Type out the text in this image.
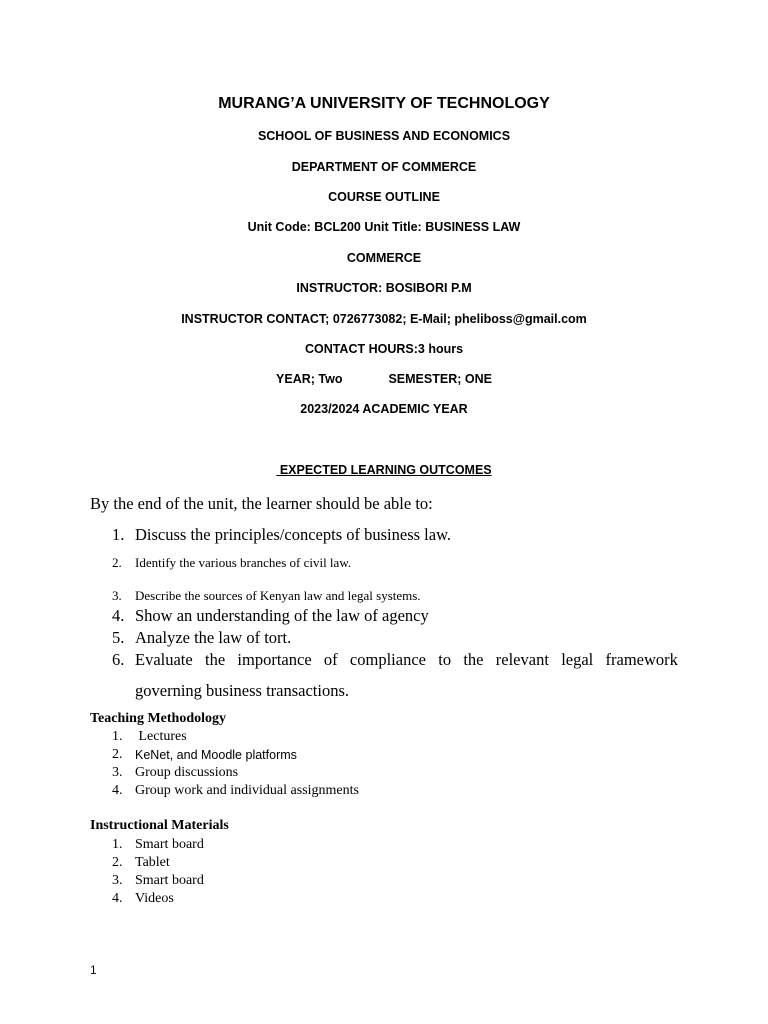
MURANG’A UNIVERSITY OF TECHNOLOGY
SCHOOL OF BUSINESS AND ECONOMICS
DEPARTMENT OF COMMERCE
COURSE OUTLINE
Unit Code: BCL200 Unit Title: BUSINESS LAW
COMMERCE
INSTRUCTOR: BOSIBORI P.M
INSTRUCTOR CONTACT; 0726773082; E-Mail; pheliboss@gmail.com
CONTACT HOURS:3 hours
YEAR; Two	SEMESTER; ONE
2023/2024 ACADEMIC YEAR
EXPECTED LEARNING OUTCOMES
By the end of the unit, the learner should be able to:
1. Discuss the principles/concepts of business law.
2. Identify the various branches of civil law.
3. Describe the sources of Kenyan law and legal systems.
4. Show an understanding of the law of agency
5. Analyze the law of tort.
6. Evaluate the importance of compliance to the relevant legal framework
governing business transactions.
Teaching Methodology
1. Lectures
2. KeNet, and Moodle platforms
3. Group discussions
4. Group work and individual assignments
Instructional Materials
1. Smart board
2. Tablet
3. Smart board
4. Videos
1
